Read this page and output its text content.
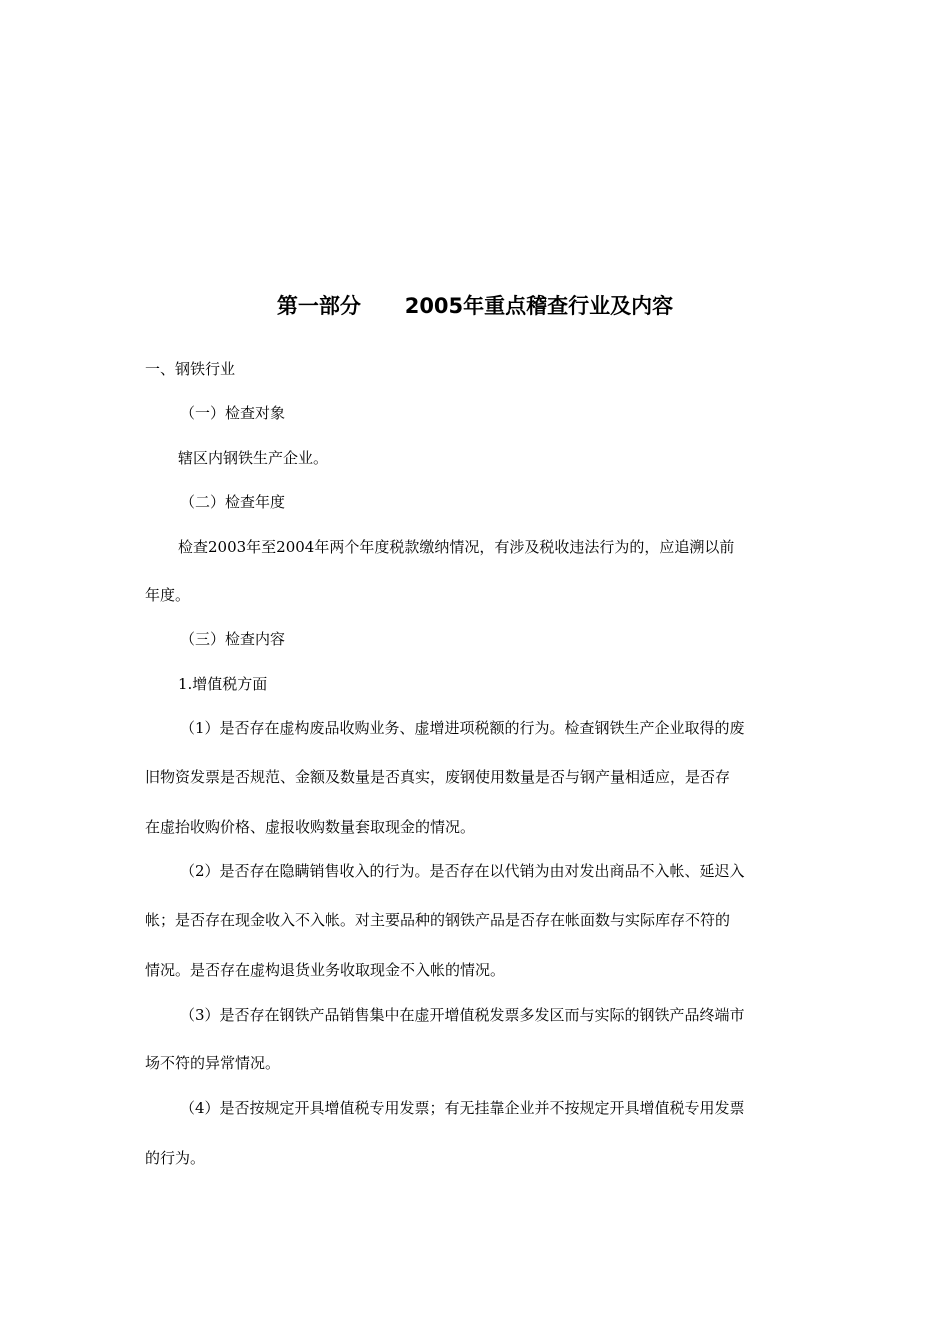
第一部分      2005年重点稽查行业及内容
一、钢铁行业
（一）检查对象
辖区内钢铁生产企业。
（二）检查年度
检查2003年至2004年两个年度税款缴纳情况，有涉及税收违法行为的，应追溯以前
年度。
（三）检查内容
1.增值税方面
（1）是否存在虚构废品收购业务、虚增进项税额的行为。检查钢铁生产企业取得的废
旧物资发票是否规范、金额及数量是否真实，废钢使用数量是否与钢产量相适应，是否存
在虚抬收购价格、虚报收购数量套取现金的情况。
（2）是否存在隐瞒销售收入的行为。是否存在以代销为由对发出商品不入帐、延迟入
帐；是否存在现金收入不入帐。对主要品种的钢铁产品是否存在帐面数与实际库存不符的
情况。是否存在虚构退货业务收取现金不入帐的情况。
（3）是否存在钢铁产品销售集中在虚开增值税发票多发区而与实际的钢铁产品终端市
场不符的异常情况。
（4）是否按规定开具增值税专用发票；有无挂靠企业并不按规定开具增值税专用发票
的行为。
